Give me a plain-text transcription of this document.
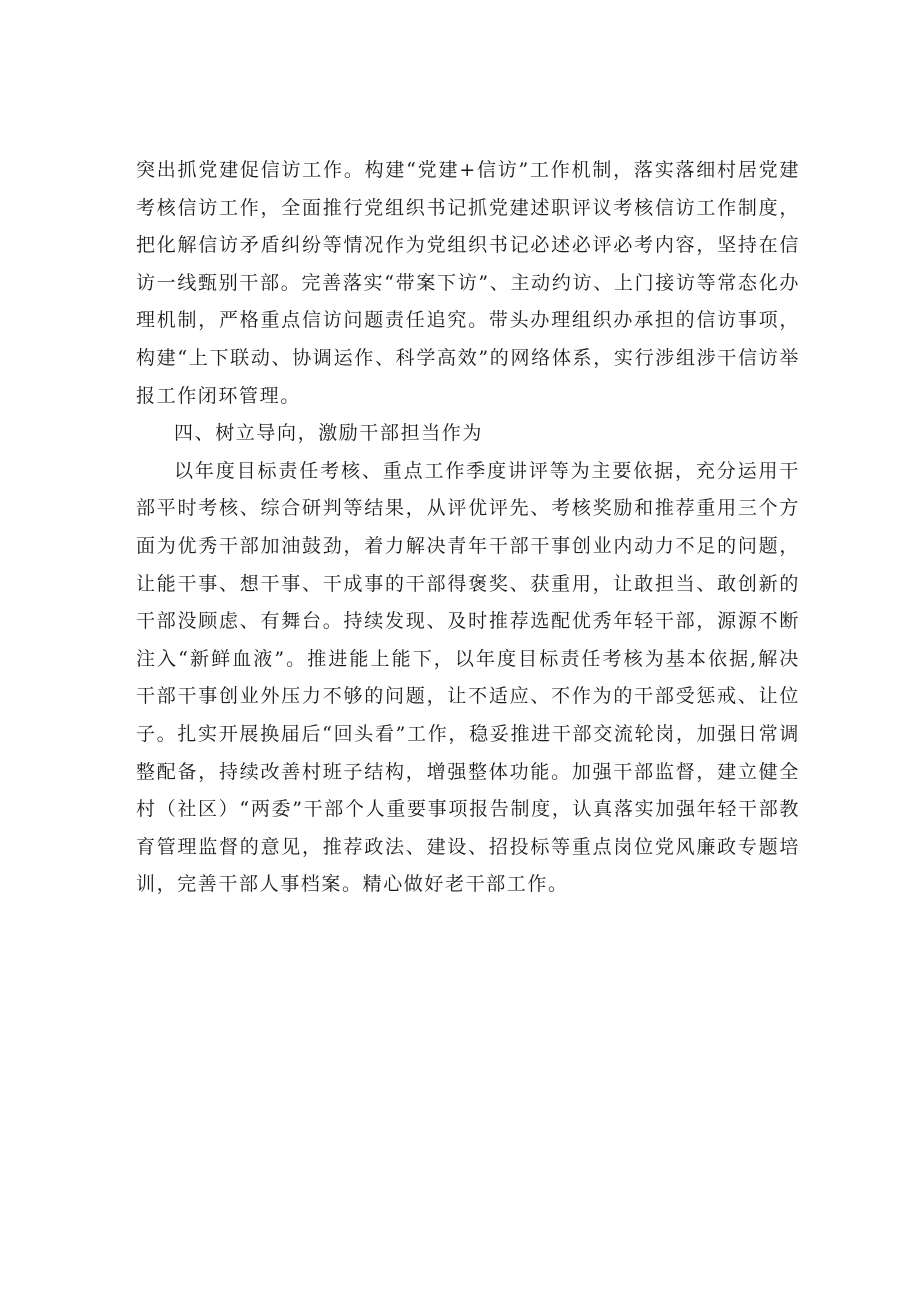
突出抓党建促信访工作。构建“党建+信访”工作机制，落实落细村居党建考核信访工作，全面推行党组织书记抓党建述职评议考核信访工作制度，把化解信访矛盾纠纷等情况作为党组织书记必述必评必考内容，坚持在信访一线甄别干部。完善落实“带案下访”、主动约访、上门接访等常态化办理机制，严格重点信访问题责任追究。带头办理组织办承担的信访事项，构建“上下联动、协调运作、科学高效”的网络体系，实行涉组涉干信访举报工作闭环管理。

四、树立导向，激励干部担当作为

以年度目标责任考核、重点工作季度讲评等为主要依据，充分运用干部平时考核、综合研判等结果，从评优评先、考核奖励和推荐重用三个方面为优秀干部加油鼓劲，着力解决青年干部干事创业内动力不足的问题，让能干事、想干事、干成事的干部得褒奖、获重用，让敢担当、敢创新的干部没顾虑、有舞台。持续发现、及时推荐选配优秀年轻干部，源源不断注入“新鲜血液”。推进能上能下，以年度目标责任考核为基本依据,解决干部干事创业外压力不够的问题，让不适应、不作为的干部受惩戒、让位子。扎实开展换届后“回头看”工作，稳妥推进干部交流轮岗，加强日常调整配备，持续改善村班子结构，增强整体功能。加强干部监督，建立健全村（社区）“两委”干部个人重要事项报告制度，认真落实加强年轻干部教育管理监督的意见，推荐政法、建设、招投标等重点岗位党风廉政专题培训，完善干部人事档案。精心做好老干部工作。
